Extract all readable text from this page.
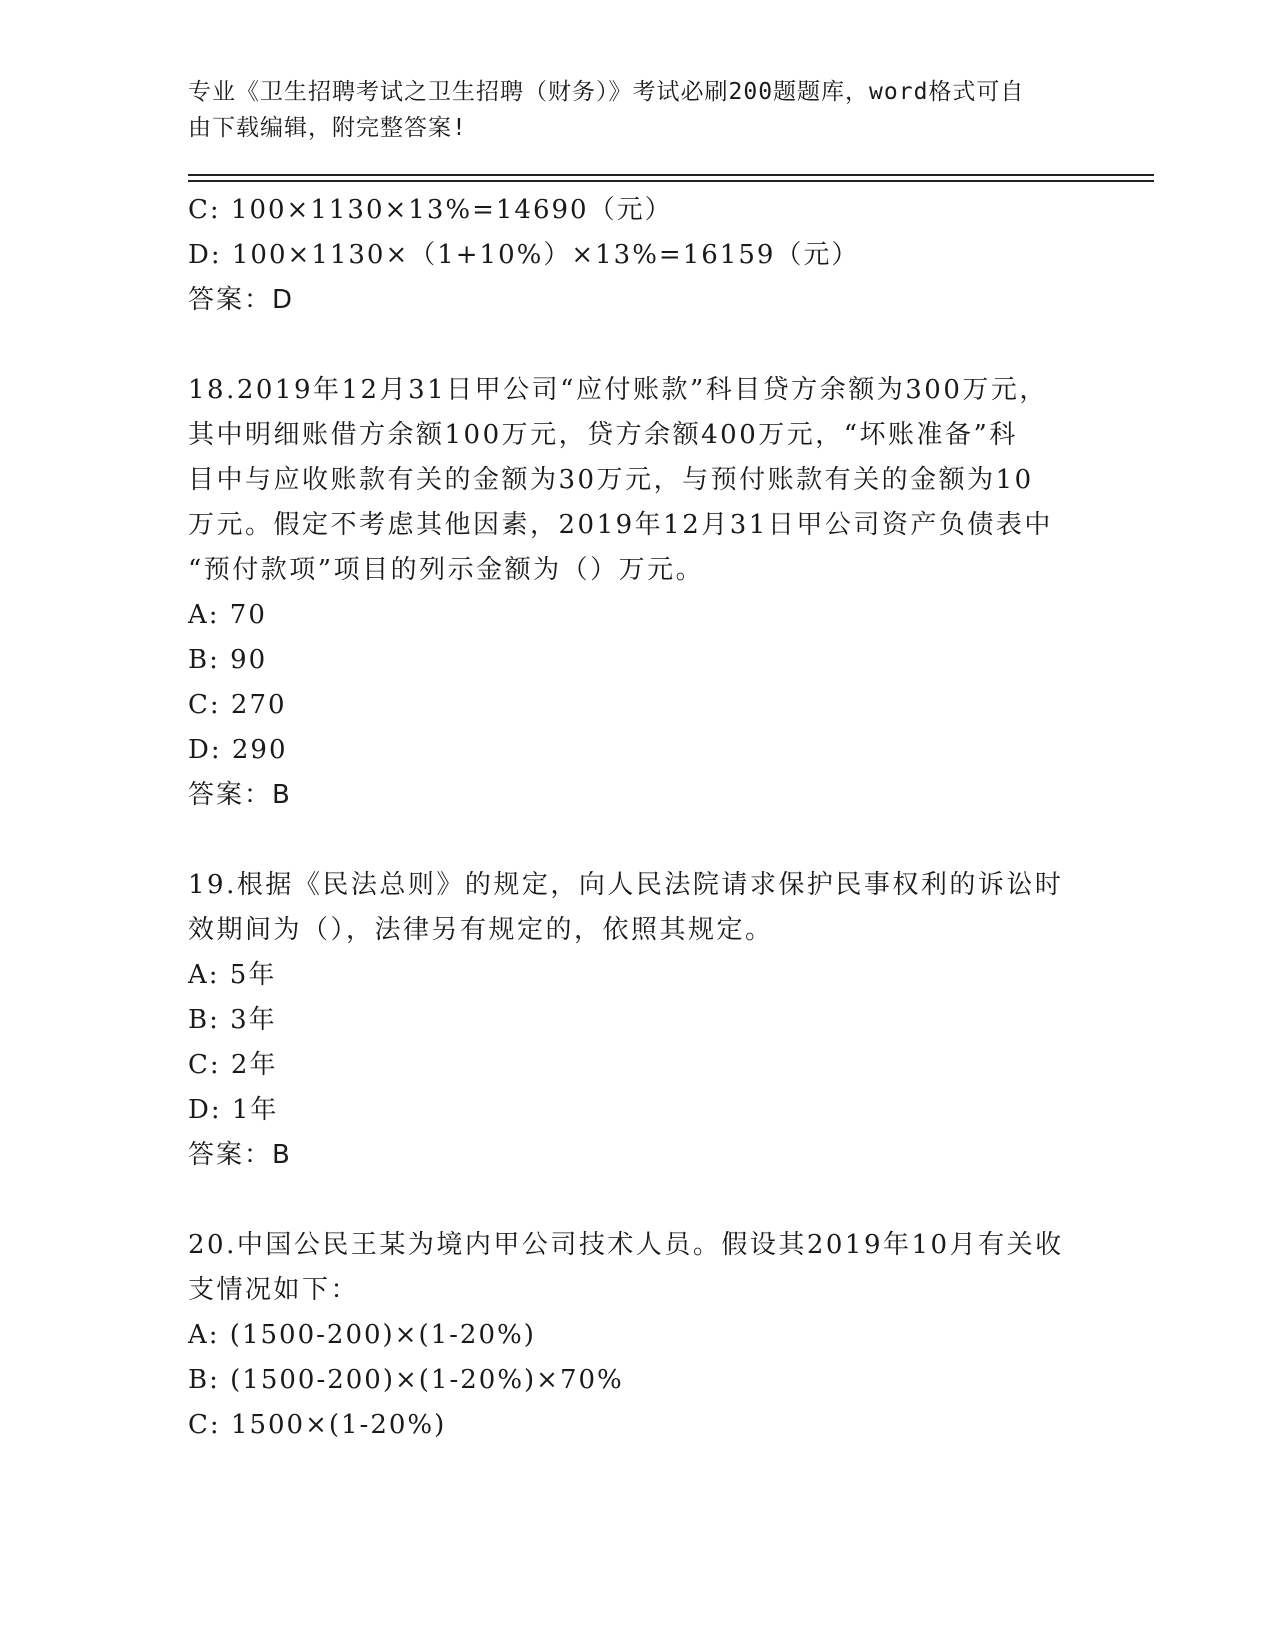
专业《卫生招聘考试之卫生招聘（财务）》考试必刷200题题库，word格式可自
由下载编辑，附完整答案!
C: 100×1130×13%=14690（元）
D: 100×1130×（1+10%）×13%=16159（元）
答案：D
18.2019年12月31日甲公司“应付账款”科目贷方余额为300万元，
其中明细账借方余额100万元，贷方余额400万元，“坏账准备”科
目中与应收账款有关的金额为30万元，与预付账款有关的金额为10
万元。假定不考虑其他因素，2019年12月31日甲公司资产负债表中
“预付款项”项目的列示金额为（）万元。
A: 70
B: 90
C: 270
D: 290
答案：B
19.根据《民法总则》的规定，向人民法院请求保护民事权利的诉讼时
效期间为（），法律另有规定的，依照其规定。
A: 5年
B: 3年
C: 2年
D: 1年
答案：B
20.中国公民王某为境内甲公司技术人员。假设其2019年10月有关收
支情况如下：
A: (1500-200)×(1-20%)
B: (1500-200)×(1-20%)×70%
C: 1500×(1-20%)
